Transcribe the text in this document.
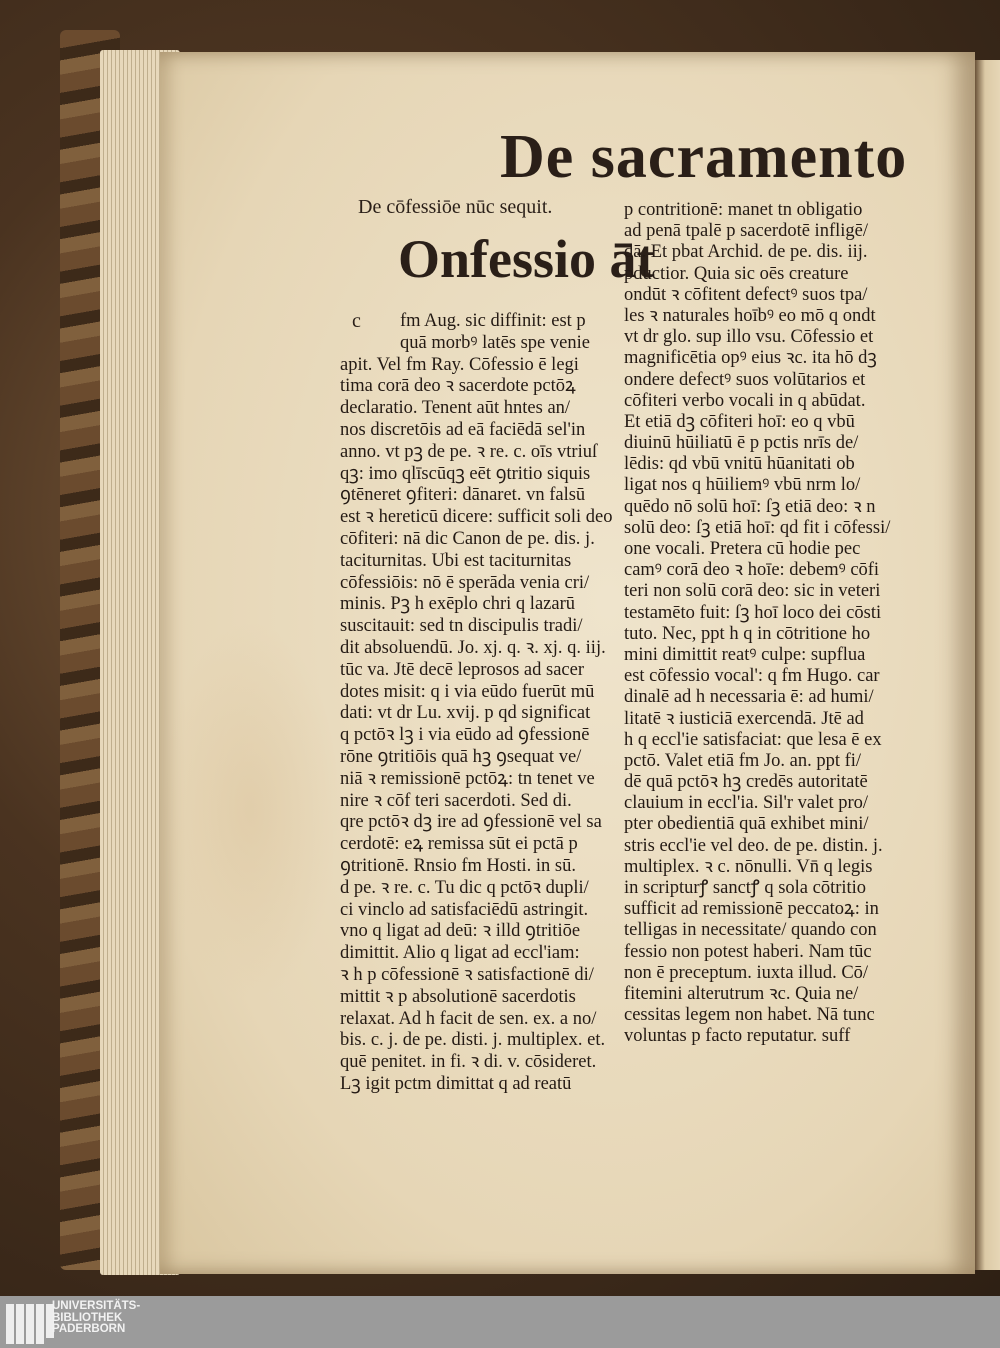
De sacramento
De cōfessiōe nūc sequit.
Onfessio āt
c	fm Aug. sic diffinit: est p
quā morbꝰ latēs spe venie
apit. Vel fm Ray. Cōfessio ē legi
tima corā deo ꝛ sacerdote pctōꝝ
declaratio. Tenent aūt hntes an/
nos discretōis ad eā faciēdā sel'in
anno. vt pꝫ de pe. ꝛ re. c. oīs vtriuſ
qꝫ: imo qlīscūqꝫ eēt ꝯtritio siquis
ꝯtēneret ꝯfiteri: dānaret. vn falsū
est ꝛ hereticū dicere: sufficit soli deo
cōfiteri: nā dic Canon de pe. dis. j.
taciturnitas. Ubi est taciturnitas
cōfessiōis: nō ē sperāda venia cri/
minis. Pꝫ h exēplo chri q lazarū
suscitauit: sed tn discipulis tradi/
dit absoluendū. Jo. xj. q. ꝛ. xj. q. iij.
tūc va. Jtē decē leprosos ad sacer
dotes misit: q i via eūdo fuerūt mū
dati: vt dr Lu. xvij. p qd significat
q pctōꝛ lꝫ i via eūdo ad ꝯfessionē
rōne ꝯtritiōis quā hꝫ ꝯsequat ve/
niā ꝛ remissionē pctōꝝ: tn tenet ve
nire ꝛ cōf teri sacerdoti. Sed di.
qre pctōꝛ dꝫ ire ad ꝯfessionē vel sa
cerdotē: eꝝ remissa sūt ei pctā p
ꝯtritionē. Rnsio fm Hosti. in sū.
d pe. ꝛ re. c. Tu dic q pctōꝛ dupli/
ci vinclo ad satisfaciēdū astringit.
vno q ligat ad deū: ꝛ illd ꝯtritiōe
dimittit. Alio q ligat ad eccl'iam:
ꝛ h p cōfessionē ꝛ satisfactionē di/
mittit ꝛ p absolutionē sacerdotis
relaxat. Ad h facit de sen. ex. a no/
bis. c. j. de pe. disti. j. multiplex. et.
quē penitet. in fi. ꝛ di. v. cōsideret.
Lꝫ igit pctm dimittat q ad reatū
p contritionē: manet tn obligatio
ad penā tpalē p sacerdotē infligē/
dā. Et pbat Archid. de pe. dis. iij.
pductior. Quia sic oēs creature
ondūt ꝛ cōfitent defectꝰ suos tpa/
les ꝛ naturales hoībꝰ eo mō q ondt
vt dr glo. sup illo vsu. Cōfessio et
magnificētia opꝰ eius ꝛc. ita hō dꝫ
ondere defectꝰ suos volūtarios et
cōfiteri verbo vocali in q abūdat.
Et etiā dꝫ cōfiteri hoī: eo q vbū
diuinū hūiliatū ē p pctis nrīs de/
lēdis: qd vbū vnitū hūanitati ob
ligat nos q hūiliemꝰ vbū nrm lo/
quēdo nō solū hoī: ſꝫ etiā deo: ꝛ n
solū deo: ſꝫ etiā hoī: qd fit i cōfessi/
one vocali. Pretera cū hodie pec
camꝰ corā deo ꝛ hoīe: debemꝰ cōfi
teri non solū corā deo: sic in veteri
testamēto fuit: ſꝫ hoī loco dei cōsti
tuto. Nec, ppt h q in cōtritione ho
mini dimittit reatꝰ culpe: supflua
est cōfessio vocal': q fm Hugo. car
dinalē ad h necessaria ē: ad humi/
litatē ꝛ iusticiā exercendā. Jtē ad
h q eccl'ie satisfaciat: que lesa ē ex
pctō. Valet etiā fm Jo. an. ppt fi/
dē quā pctōꝛ hꝫ credēs autoritatē
clauium in eccl'ia. Sil'r valet pro/
pter obedientiā quā exhibet mini/
stris eccl'ie vel deo. de pe. distin. j.
multiplex. ꝛ c. nōnulli. Vn̄ q legis
in scripturꝭ sanctꝭ q sola cōtritio
sufficit ad remissionē peccatoꝝ: in
telligas in necessitate/ quando con
fessio non potest haberi. Nam tūc
non ē preceptum. iuxta illud. Cō/
fitemini alterutrum ꝛc. Quia ne/
cessitas legem non habet. Nā tunc
voluntas p facto reputatur. suff
UNIVERSITÄTS-
BIBLIOTHEK
PADERBORN
